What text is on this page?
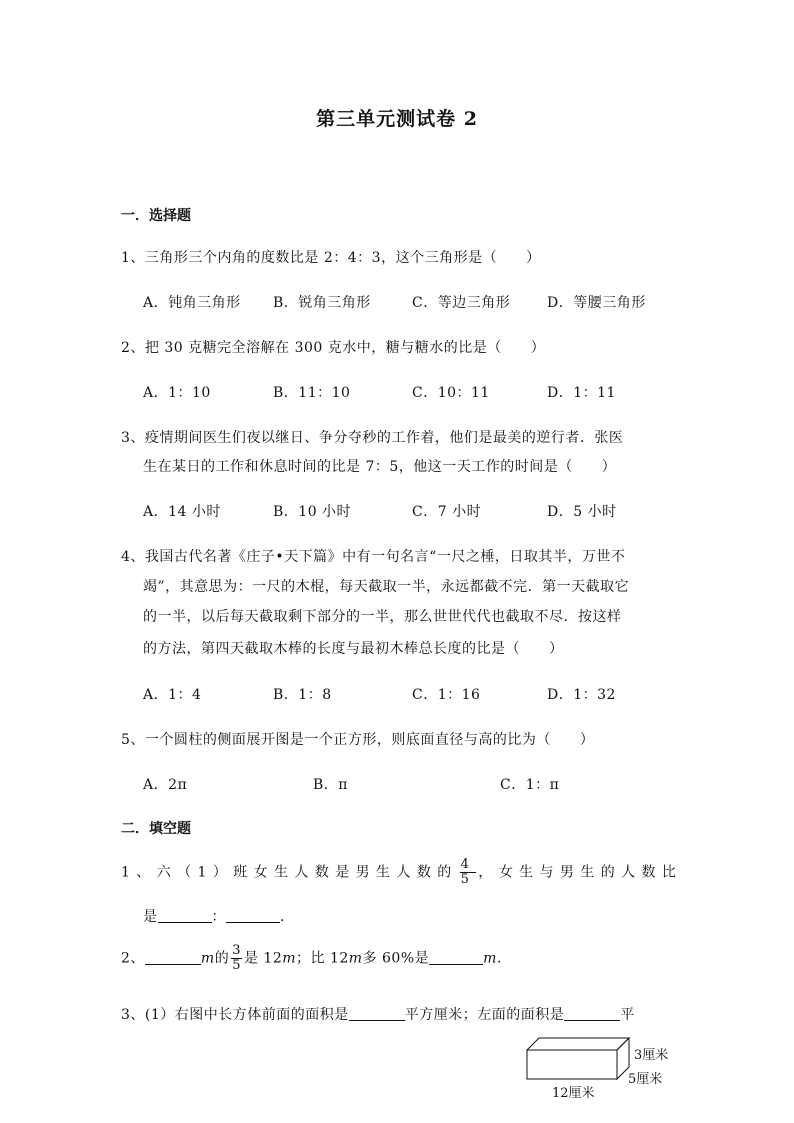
第三单元测试卷 2
一．选择题
1、三角形三个内角的度数比是 2：4：3，这个三角形是（　　）
A．钝角三角形 B．锐角三角形	C．等边三角形	D．等腰三角形
2、把 30 克糖完全溶解在 300 克水中，糖与糖水的比是（　　）
A．1：10	B．11：10	C．10：11	D．1：11
3、疫情期间医生们夜以继日、争分夺秒的工作着，他们是最美的逆行者．张医
生在某日的工作和休息时间的比是 7：5，他这一天工作的时间是（　　）
A．14 小时	B．10 小时	C．7 小时	D．5 小时
4、我国古代名著《庄子•天下篇》中有一句名言“一尺之棰，日取其半，万世不
竭”，其意思为：一尺的木棍，每天截取一半，永远都截不完．第一天截取它
的一半，以后每天截取剩下部分的一半，那么世世代代也截取不尽．按这样
的方法，第四天截取木棒的长度与最初木棒总长度的比是（　　）
A．1：4	B．1：8	C．1：16	D．1：32
5、一个圆柱的侧面展开图是一个正方形，则底面直径与高的比为（　　）
A．2π	B．π	C．1：π
二．填空题
1、六（1）班女生人数是男生人数的 $\frac{4}{5}$ ，女生与男生的人数比
是	：	．
2、	m的 $\frac{3}{5}$ 是 12m；比 12m多 60%是	m．
3、(1）右图中长方体前面的面积是	平方厘米；左面的面积是	平
3厘米
5厘米
12厘米
